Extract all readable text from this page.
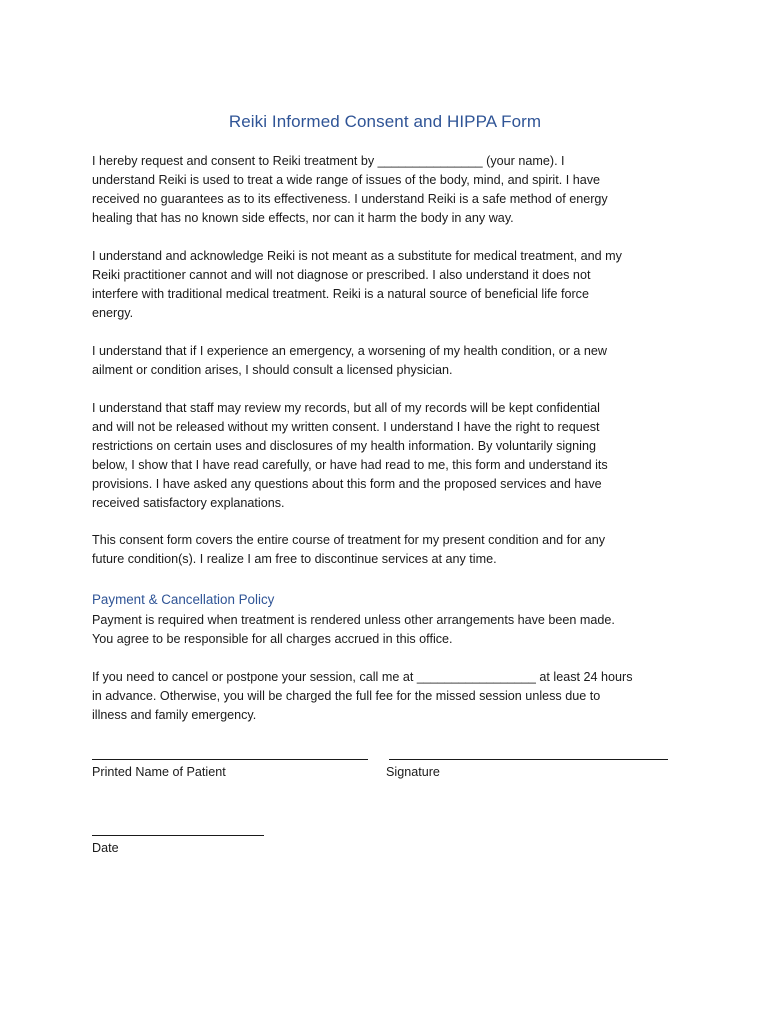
Reiki Informed Consent and HIPPA Form

I hereby request and consent to Reiki treatment by _______________ (your name). I
understand Reiki is used to treat a wide range of issues of the body, mind, and spirit. I have
received no guarantees as to its effectiveness. I understand Reiki is a safe method of energy
healing that has no known side effects, nor can it harm the body in any way.

I understand and acknowledge Reiki is not meant as a substitute for medical treatment, and my
Reiki practitioner cannot and will not diagnose or prescribed. I also understand it does not
interfere with traditional medical treatment. Reiki is a natural source of beneficial life force
energy.

I understand that if I experience an emergency, a worsening of my health condition, or a new
ailment or condition arises, I should consult a licensed physician.

I understand that staff may review my records, but all of my records will be kept confidential
and will not be released without my written consent. I understand I have the right to request
restrictions on certain uses and disclosures of my health information. By voluntarily signing
below, I show that I have read carefully, or have had read to me, this form and understand its
provisions. I have asked any questions about this form and the proposed services and have
received satisfactory explanations.

This consent form covers the entire course of treatment for my present condition and for any
future condition(s). I realize I am free to discontinue services at any time.

Payment & Cancellation Policy

Payment is required when treatment is rendered unless other arrangements have been made.
You agree to be responsible for all charges accrued in this office.

If you need to cancel or postpone your session, call me at _________________ at least 24 hours
in advance. Otherwise, you will be charged the full fee for the missed session unless due to
illness and family emergency.

Printed Name of Patient	Signature
Date
